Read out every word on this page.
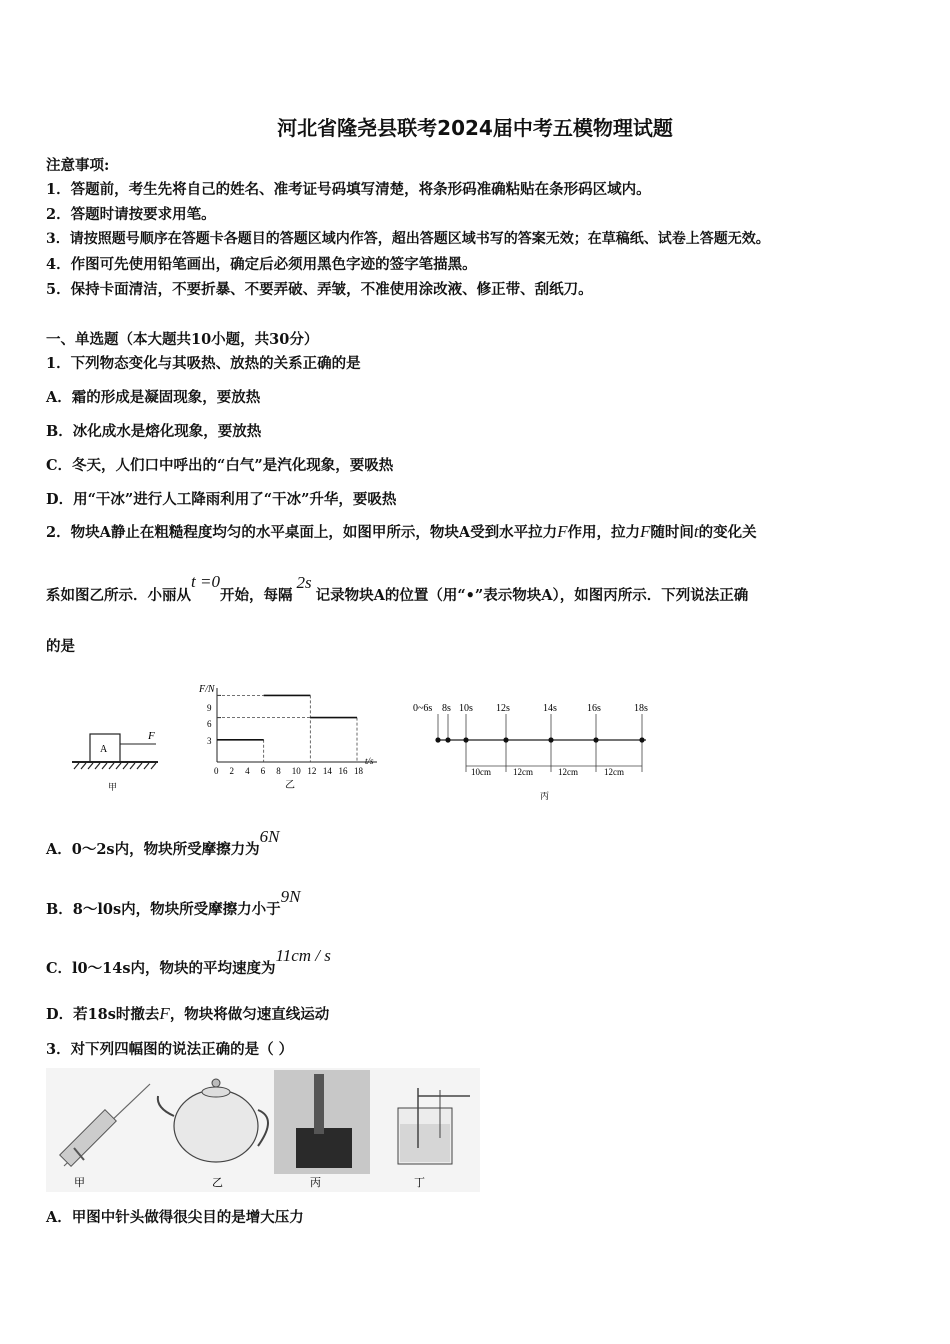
河北省隆尧县联考2024届中考五模物理试题
注意事项:
1．答题前，考生先将自己的姓名、准考证号码填写清楚，将条形码准确粘贴在条形码区域内。
2．答题时请按要求用笔。
3．请按照题号顺序在答题卡各题目的答题区域内作答，超出答题区域书写的答案无效；在草稿纸、试卷上答题无效。
4．作图可先使用铅笔画出，确定后必须用黑色字迹的签字笔描黑。
5．保持卡面清洁，不要折暴、不要弄破、弄皱，不准使用涂改液、修正带、刮纸刀。
一、单选题（本大题共10小题，共30分）
1．下列物态变化与其吸热、放热的关系正确的是
A．霜的形成是凝固现象，要放热
B．冰化成水是熔化现象，要放热
C．冬天，人们口中呼出的“白气”是汽化现象，要吸热
D．用“干冰”进行人工降雨利用了“干冰”升华，要吸热
2．物块A静止在粗糙程度均匀的水平桌面上，如图甲所示，物块A受到水平拉力F作用，拉力F随时间t的变化关
系如图乙所示．小丽从t =0开始，每隔2s记录物块A的位置（用“•”表示物块A），如图丙所示．下列说法正确
的是
A
F
甲
F/N
t/s
9
6
3
0 2 4 6 8 10 12 14 16 18
乙
0~6s 8s 10s 12s	14s	16s	18s
10cm 12cm	12cm	12cm
丙
A．0～2s内，物块所受摩擦力为6N
B．8～l0s内，物块所受摩擦力小于9N
C．l0～14s内，物块的平均速度为11cm / s
D．若18s时撤去F，物块将做匀速直线运动
3．对下列四幅图的说法正确的是（ ）
甲	乙	丙	丁
A．甲图中针头做得很尖目的是增大压力
